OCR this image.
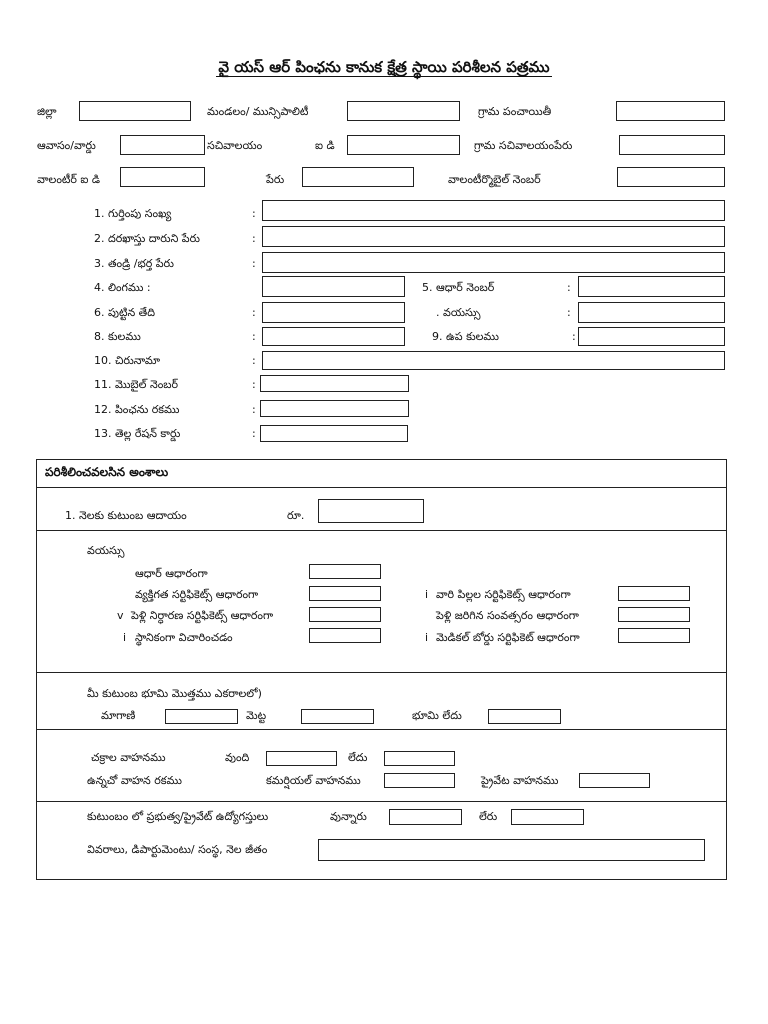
వై యస్ ఆర్ పింఛను కానుక క్షేత్ర స్థాయి పరిశీలన పత్రము
జిల్లా	మండలం/ మున్సిపాలిటీ	గ్రామ పంచాయితీ
ఆవాసం/వార్డు	సచివాలయం	ఐ డి	గ్రామ సచివాలయంపేరు
వాలంటీర్ ఐ డి	పేరు	వాలంటీర్మొబైల్ నెంబర్
1. గుర్తింపు సంఖ్య	:
2. దరఖాస్తు దారుని పేరు	:
3. తండ్రి /భర్త పేరు	:
4. లింగము :	5. ఆధార్ నెంబర్	:
6. పుట్టిన తేది	:	. వయస్సు	:
8. కులము	:	9. ఉప కులము	:
10. చిరునామా	:
11. మొబైల్ నెంబర్	:
12. పింఛను రకము	:
13. తెల్ల రేషన్ కార్డు	:
పరిశీలించవలసిన అంశాలు
1. నెలకు కుటుంబ ఆదాయం	రూ.
వయస్సు
ఆధార్ ఆధారంగా
వ్యక్తిగత సర్టిఫికెట్స్ ఆధారంగా	i వారి పిల్లల సర్టిఫికెట్స్ ఆధారంగా
v పెళ్లి నిర్ధారణ సర్టిఫికెట్స్ ఆధారంగా	పెళ్లి జరిగిన సంవత్సరం ఆధారంగా
i స్థానికంగా విచారించడం	i మెడికల్ బోర్డు సర్టిఫికెట్ ఆధారంగా
మీ కుటుంబ భూమి మొత్తము ఎకరాలలో)
మాగాణి	మెట్ట	భూమి లేదు
చక్రాల వాహనము	వుంది	లేదు
ఉన్నచో వాహన రకము	కమర్షియల్ వాహనము	ప్రైవేట వాహనము
కుటుంబం లో ప్రభుత్వ/ప్రైవేట్ ఉద్యోగస్తులు	వున్నారు	లేరు
వివరాలు, డిపార్టుమెంటు/ సంస్థ, నెల జీతం
